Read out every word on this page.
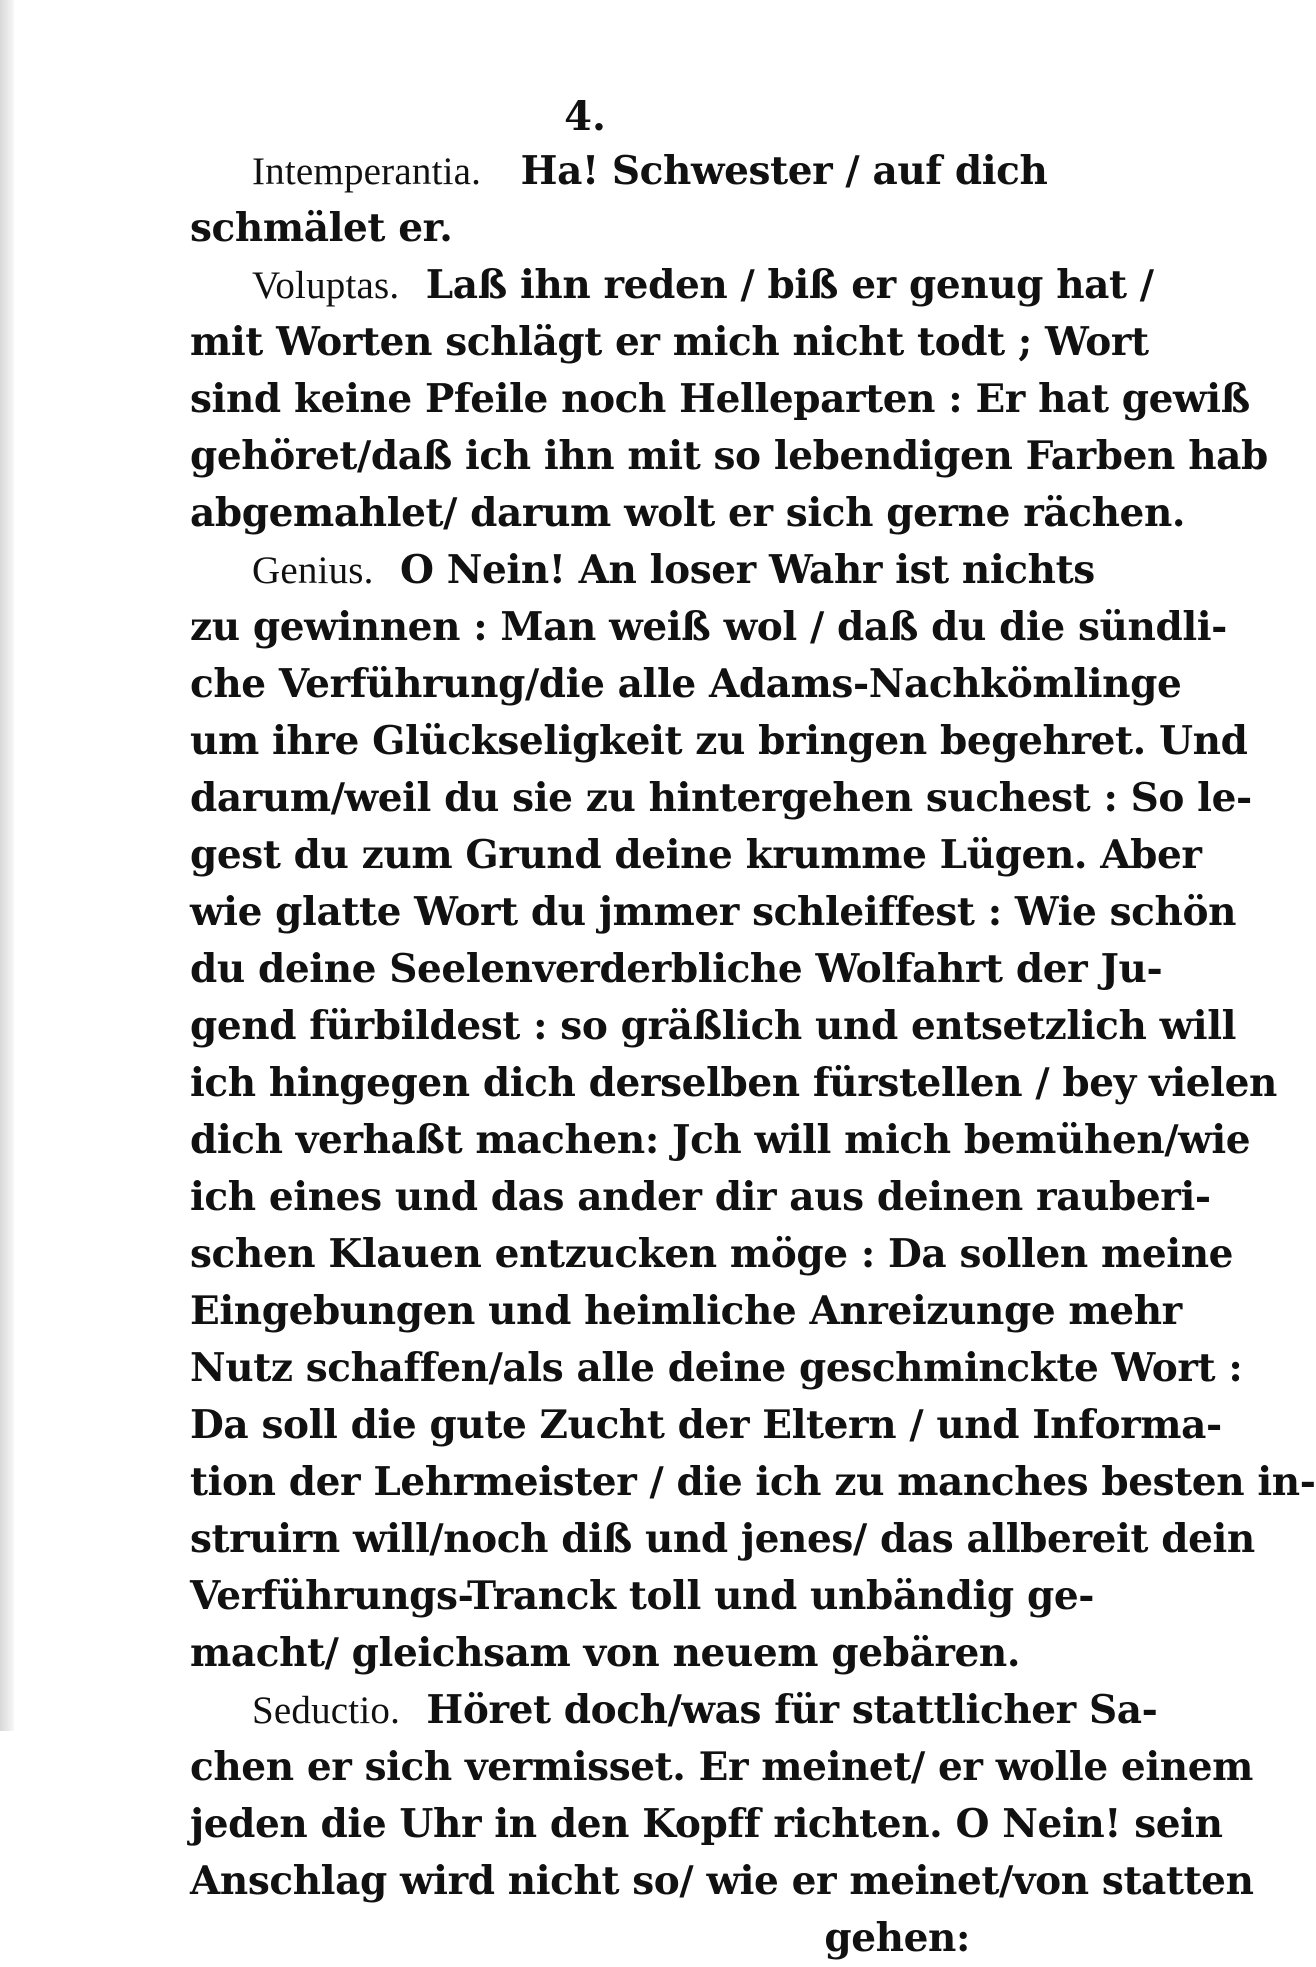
4.
Intemperantia. Ha! Schwester / auf dich
schmälet er.
Voluptas. Laß ihn reden / biß er genug hat /
mit Worten schlägt er mich nicht todt ; Wort
sind keine Pfeile noch Helleparten : Er hat gewiß
gehöret/daß ich ihn mit so lebendigen Farben hab
abgemahlet/ darum wolt er sich gerne rächen.
Genius. O Nein! An loser Wahr ist nichts
zu gewinnen : Man weiß wol / daß du die sündli-
che Verführung/die alle Adams-Nachkömlinge
um ihre Glückseligkeit zu bringen begehret. Und
darum/weil du sie zu hintergehen suchest : So le-
gest du zum Grund deine krumme Lügen. Aber
wie glatte Wort du jmmer schleiffest : Wie schön
du deine Seelenverderbliche Wolfahrt der Ju-
gend fürbildest : so gräßlich und entsetzlich will
ich hingegen dich derselben fürstellen / bey vielen
dich verhaßt machen: Jch will mich bemühen/wie
ich eines und das ander dir aus deinen rauberi-
schen Klauen entzucken möge : Da sollen meine
Eingebungen und heimliche Anreizunge mehr
Nutz schaffen/als alle deine geschminckte Wort :
Da soll die gute Zucht der Eltern / und Informa-
tion der Lehrmeister / die ich zu manches besten in-
struirn will/noch diß und jenes/ das allbereit dein
Verführungs-Tranck toll und unbändig ge-
macht/ gleichsam von neuem gebären.
Seductio. Höret doch/was für stattlicher Sa-
chen er sich vermisset. Er meinet/ er wolle einem
jeden die Uhr in den Kopff richten. O Nein! sein
Anschlag wird nicht so/ wie er meinet/von statten
gehen:
